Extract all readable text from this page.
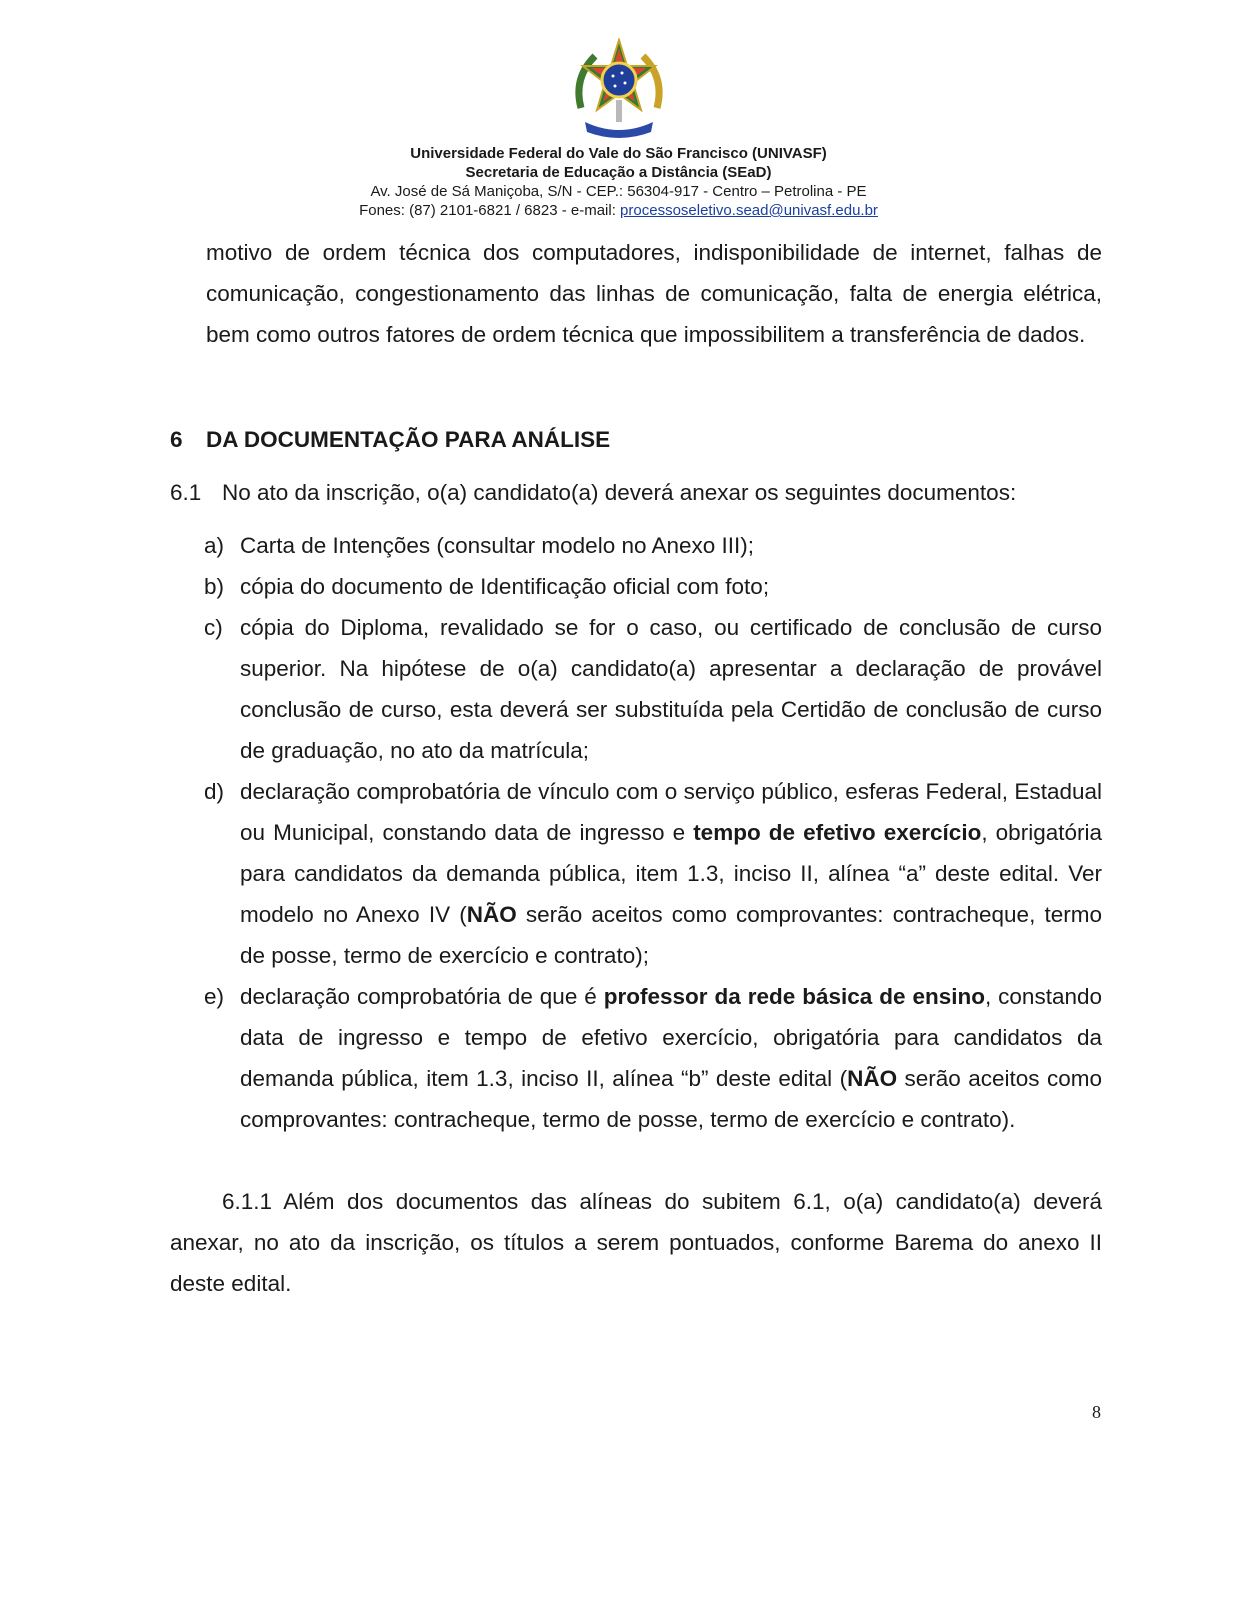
Universidade Federal do Vale do São Francisco (UNIVASF)

Secretaria de Educação a Distância (SEaD)

Av. José de Sá Maniçoba, S/N - CEP.: 56304-917 - Centro – Petrolina - PE

Fones: (87) 2101-6821 / 6823 - e-mail: processoseletivo.sead@univasf.edu.br

motivo de ordem técnica dos computadores, indisponibilidade de internet, falhas de comunicação, congestionamento das linhas de comunicação, falta de energia elétrica, bem como outros fatores de ordem técnica que impossibilitem a transferência de dados.

6 DA DOCUMENTAÇÃO PARA ANÁLISE

6.1 No ato da inscrição, o(a) candidato(a) deverá anexar os seguintes documentos:

a) Carta de Intenções (consultar modelo no Anexo III);
b) cópia do documento de Identificação oficial com foto;
c) cópia do Diploma, revalidado se for o caso, ou certificado de conclusão de curso superior. Na hipótese de o(a) candidato(a) apresentar a declaração de provável conclusão de curso, esta deverá ser substituída pela Certidão de conclusão de curso de graduação, no ato da matrícula;
d) declaração comprobatória de vínculo com o serviço público, esferas Federal, Estadual ou Municipal, constando data de ingresso e tempo de efetivo exercício, obrigatória para candidatos da demanda pública, item 1.3, inciso II, alínea “a” deste edital. Ver modelo no Anexo IV (NÃO serão aceitos como comprovantes: contracheque, termo de posse, termo de exercício e contrato);
e) declaração comprobatória de que é professor da rede básica de ensino, constando data de ingresso e tempo de efetivo exercício, obrigatória para candidatos da demanda pública, item 1.3, inciso II, alínea “b” deste edital (NÃO serão aceitos como comprovantes: contracheque, termo de posse, termo de exercício e contrato).

6.1.1 Além dos documentos das alíneas do subitem 6.1, o(a) candidato(a) deverá anexar, no ato da inscrição, os títulos a serem pontuados, conforme Barema do anexo II deste edital.

8
